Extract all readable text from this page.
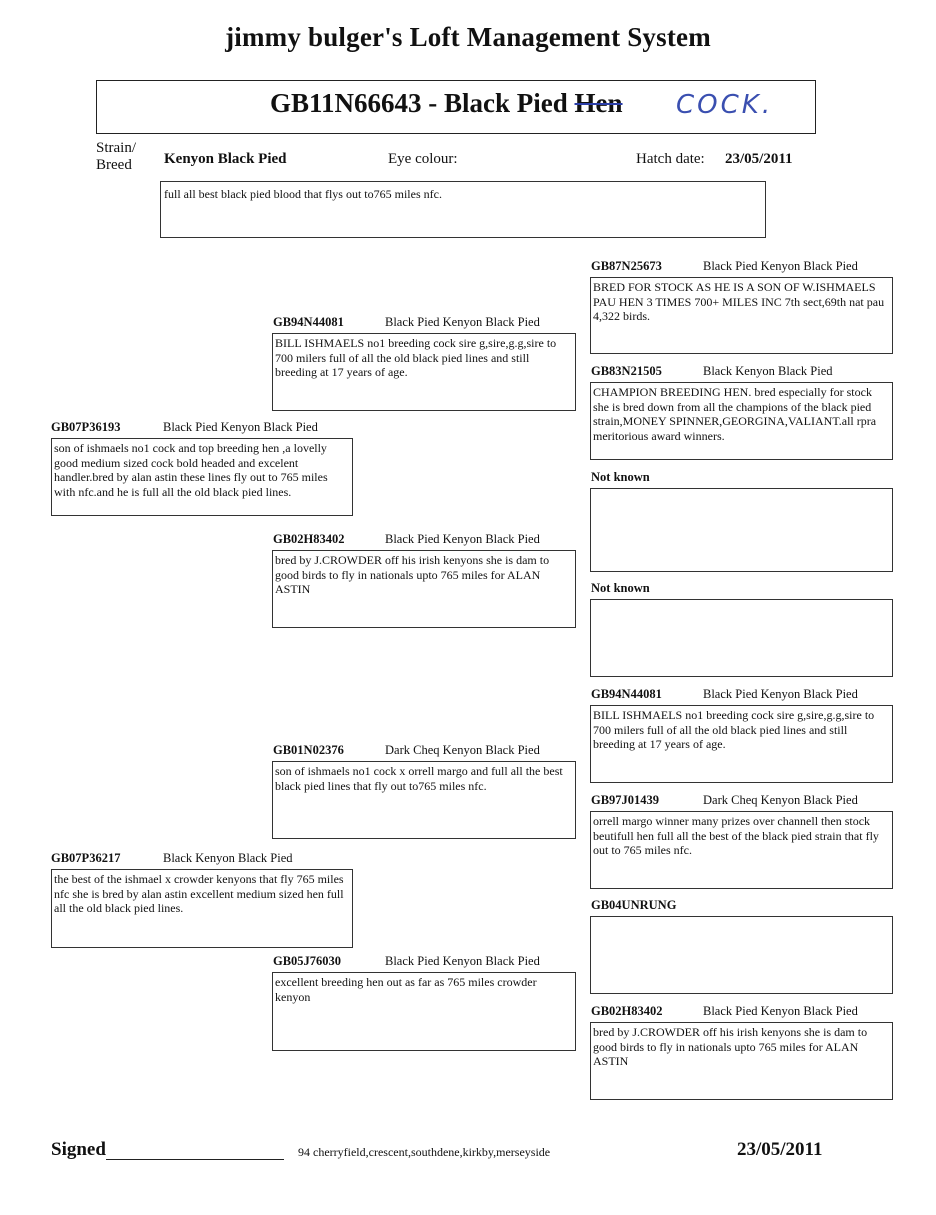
jimmy bulger's Loft Management System
GB11N66643 - Black Pied Hen COCK.
Strain/
Breed Kenyon Black Pied	Eye colour:	Hatch date: 23/05/2011
full all best black pied blood that flys out to765 miles nfc.
GB07P36193	Black Pied Kenyon Black Pied
son of ishmaels no1 cock and top breeding hen ,a lovelly good medium sized cock bold headed and excelent handler.bred by alan astin these lines fly out to 765 miles with nfc.and he is full all the old black pied lines.
GB07P36217	Black Kenyon Black Pied
the best of the ishmael x crowder kenyons that fly 765 miles nfc she is bred by alan astin excellent medium sized hen full all the old black pied lines.
GB94N44081	Black Pied Kenyon Black Pied
BILL ISHMAELS no1 breeding cock sire g,sire,g.g,sire to 700 milers full of all the old black pied lines and still breeding at 17 years of age.
GB02H83402	Black Pied Kenyon Black Pied
bred by J.CROWDER off his irish kenyons she is dam to good birds to fly in nationals upto 765 miles for ALAN ASTIN
GB01N02376	Dark Cheq Kenyon Black Pied
son of ishmaels no1 cock x orrell margo and full all the best black pied lines that fly out to765 miles nfc.
GB05J76030	Black Pied Kenyon Black Pied
excellent breeding hen out as far as 765 miles crowder kenyon
GB87N25673	Black Pied Kenyon Black Pied
BRED FOR STOCK AS HE IS A SON OF W.ISHMAELS PAU HEN 3 TIMES 700+ MILES INC 7th sect,69th nat pau 4,322 birds.
GB83N21505	Black Kenyon Black Pied
CHAMPION BREEDING HEN. bred especially for stock she is bred down from all the champions of the black pied strain,MONEY SPINNER,GEORGINA,VALIANT.all rpra meritorious award winners.
Not known
Not known
GB94N44081	Black Pied Kenyon Black Pied
BILL ISHMAELS no1 breeding cock sire g,sire,g.g,sire to 700 milers full of all the old black pied lines and still breeding at 17 years of age.
GB97J01439	Dark Cheq Kenyon Black Pied
orrell margo winner many prizes over channell then stock beutifull hen full all the best of the black pied strain that fly out to 765 miles nfc.
GB04UNRUNG
GB02H83402	Black Pied Kenyon Black Pied
bred by J.CROWDER off his irish kenyons she is dam to good birds to fly in nationals upto 765 miles for ALAN ASTIN
Signed	94 cherryfield,crescent,southdene,kirkby,merseyside	23/05/2011
